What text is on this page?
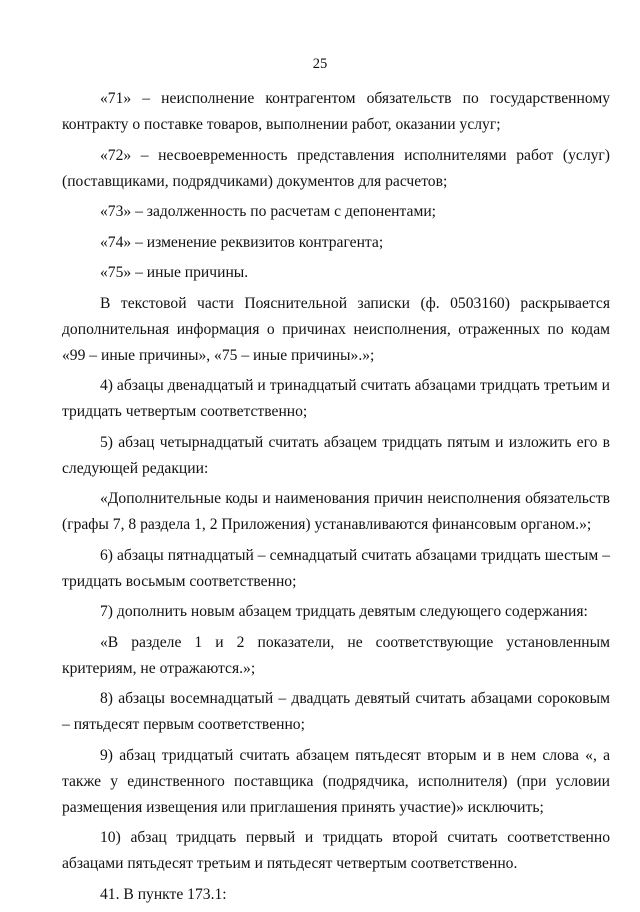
25

«71» – неисполнение контрагентом обязательств по государственному контракту о поставке товаров, выполнении работ, оказании услуг;

«72» – несвоевременность представления исполнителями работ (услуг) (поставщиками, подрядчиками) документов для расчетов;

«73» – задолженность по расчетам с депонентами;

«74» – изменение реквизитов контрагента;

«75» – иные причины.

В текстовой части Пояснительной записки (ф. 0503160) раскрывается дополнительная информация о причинах неисполнения, отраженных по кодам «99 – иные причины», «75 – иные причины».»;

4) абзацы двенадцатый и тринадцатый считать абзацами тридцать третьим и тридцать четвертым соответственно;

5) абзац четырнадцатый считать абзацем тридцать пятым и изложить его в следующей редакции:

«Дополнительные коды и наименования причин неисполнения обязательств (графы 7, 8 раздела 1, 2 Приложения) устанавливаются финансовым органом.»;

6) абзацы пятнадцатый – семнадцатый считать абзацами тридцать шестым – тридцать восьмым соответственно;

7) дополнить новым абзацем тридцать девятым следующего содержания:

«В разделе 1 и 2 показатели, не соответствующие установленным критериям, не отражаются.»;

8) абзацы восемнадцатый – двадцать девятый считать абзацами сороковым – пятьдесят первым соответственно;

9) абзац тридцатый считать абзацем пятьдесят вторым и в нем слова «, а также у единственного поставщика (подрядчика, исполнителя) (при условии размещения извещения или приглашения принять участие)» исключить;

10) абзац тридцать первый и тридцать второй считать соответственно абзацами пятьдесят третьим и пятьдесят четвертым соответственно.

41. В пункте 173.1:
